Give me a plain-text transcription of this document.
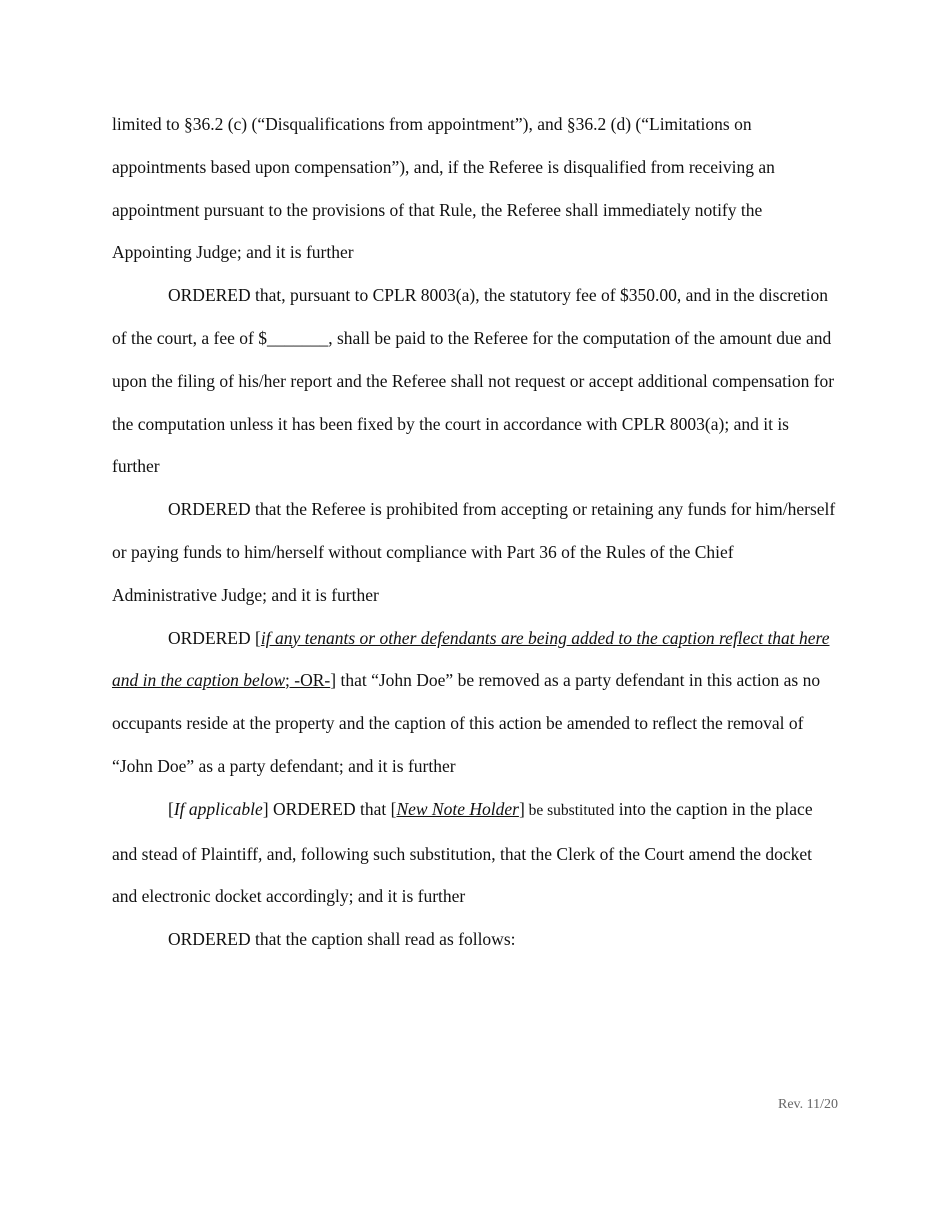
limited to §36.2 (c) (“Disqualifications from appointment”), and §36.2 (d) (“Limitations on appointments based upon compensation”), and, if the Referee is disqualified from receiving an appointment pursuant to the provisions of that Rule, the Referee shall immediately notify the Appointing Judge; and it is further

ORDERED that, pursuant to CPLR 8003(a), the statutory fee of $350.00, and in the discretion of the court, a fee of $_______, shall be paid to the Referee for the computation of the amount due and upon the filing of his/her report and the Referee shall not request or accept additional compensation for the computation unless it has been fixed by the court in accordance with CPLR 8003(a); and it is further

ORDERED that the Referee is prohibited from accepting or retaining any funds for him/herself or paying funds to him/herself without compliance with Part 36 of the Rules of the Chief Administrative Judge; and it is further

ORDERED [if any tenants or other defendants are being added to the caption reflect that here and in the caption below; -OR-] that “John Doe” be removed as a party defendant in this action as no occupants reside at the property and the caption of this action be amended to reflect the removal of “John Doe” as a party defendant; and it is further

[If applicable] ORDERED that [New Note Holder] be substituted into the caption in the place and stead of Plaintiff, and, following such substitution, that the Clerk of the Court amend the docket and electronic docket accordingly; and it is further

ORDERED that the caption shall read as follows:

Rev. 11/20
